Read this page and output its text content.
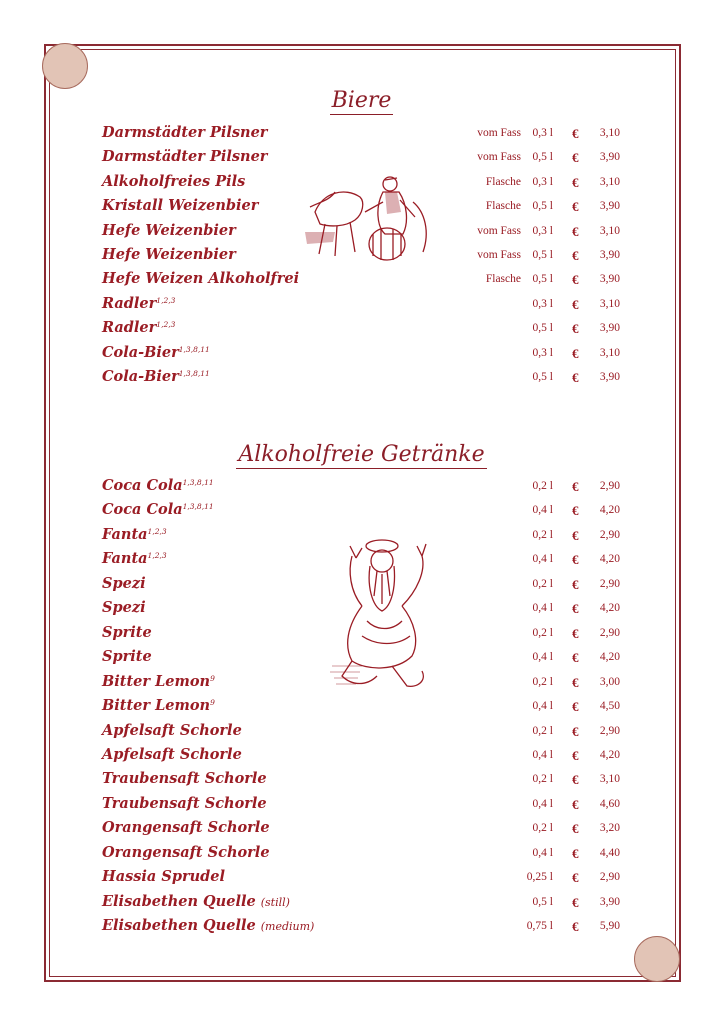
Biere
Darmstädter Pilsner	vom Fass 0,3 l € 3,10
Darmstädter Pilsner	vom Fass 0,5 l € 3,90
Alkoholfreies Pils	Flasche 0,3 l € 3,10
Kristall Weizenbier	Flasche 0,5 l € 3,90
Hefe Weizenbier	vom Fass 0,3 l € 3,10
Hefe Weizenbier	vom Fass 0,5 l € 3,90
Hefe Weizen Alkoholfrei	Flasche 0,5 l € 3,90
Radler$^{1,2,3}$	0,3 l € 3,10
Radler$^{1,2,3}$	0,5 l € 3,90
Cola-Bier$^{1,3,8,11}$	0,3 l € 3,10
Cola-Bier$^{1,3,8,11}$	0,5 l € 3,90
Alkoholfreie Getränke
Coca Cola$^{1,3,8,11}$	0,2 l € 2,90
Coca Cola$^{1,3,8,11}$	0,4 l € 4,20
Fanta$^{1,2,3}$	0,2 l € 2,90
Fanta$^{1,2,3}$	0,4 l € 4,20
Spezi	0,2 l € 2,90
Spezi	0,4 l € 4,20
Sprite	0,2 l € 2,90
Sprite	0,4 l € 4,20
Bitter Lemon$^9$	0,2 l € 3,00
Bitter Lemon$^9$	0,4 l € 4,50
Apfelsaft Schorle	0,2 l € 2,90
Apfelsaft Schorle	0,4 l € 4,20
Traubensaft Schorle	0,2 l € 3,10
Traubensaft Schorle	0,4 l € 4,60
Orangensaft Schorle	0,2 l € 3,20
Orangensaft Schorle	0,4 l € 4,40
Hassia Sprudel	0,25 l € 2,90
Elisabethen Quelle (still)	0,5 l € 3,90
Elisabethen Quelle (medium)	0,75 l € 5,90
